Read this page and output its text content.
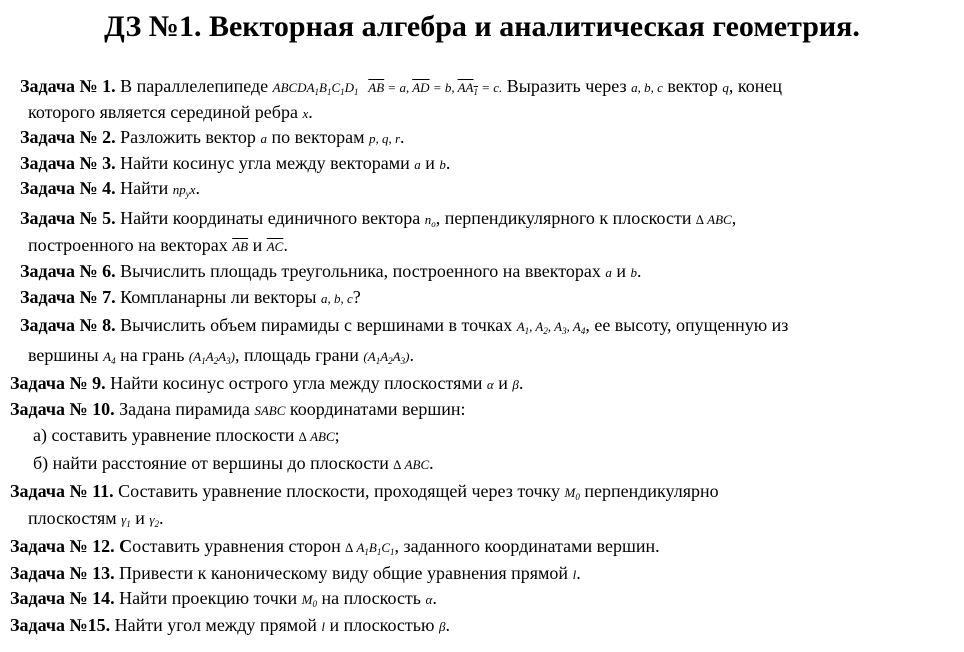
ДЗ №1. Векторная алгебра и аналитическая геометрия.
Задача № 1. В параллелепипеде $ABCDA_1B_1C_1D_1$ $\overline{AB} = a$, $\overline{AD} = b$, $AA_1 = c$. Выразить через a, b, c вектор q, конец
которого является серединой ребра x.
Задача № 2. Разложить вектор a по векторам p, q, r.
Задача № 3. Найти косинус угла между векторами a и b.
Задача № 4. Найти $np_yx$.
Задача № 5. Найти координаты единичного вектора $n_o$, перпендикулярного к плоскости ∆ ABC,
построенного на векторах $\overline{AB}$ и $\overline{AC}$.
Задача № 6. Вычислить площадь треугольника, построенного на ввекторах a и b.
Задача № 7. Компланарны ли векторы a, b, c?
Задача № 8. Вычислить объем пирамиды с вершинами в точках $A_1$, $A_2$, $A_3$, $A_4$, ее высоту, опущенную из
вершины $A_4$ на грань $(A_1A_2A_3)$, площадь грани $(A_1A_2A_3)$.
Задача № 9. Найти косинус острого угла между плоскостями α и β.
Задача № 10. Задана пирамида SABC координатами вершин:
а) составить уравнение плоскости ∆ ABC;
б) найти расстояние от вершины до плоскости ∆ ABC.
Задача № 11. Составить уравнение плоскости, проходящей через точку $M_0$ перпендикулярно
плоскостям $\gamma_1$ и $\gamma_2$.
Задача № 12. Составить уравнения сторон ∆ $A_1B_1C_1$, заданного координатами вершин.
Задача № 13. Привести к каноническому виду общие уравнения прямой l.
Задача № 14. Найти проекцию точки $M_0$ на плоскость α.
Задача №15. Найти угол между прямой l и плоскостью β.
